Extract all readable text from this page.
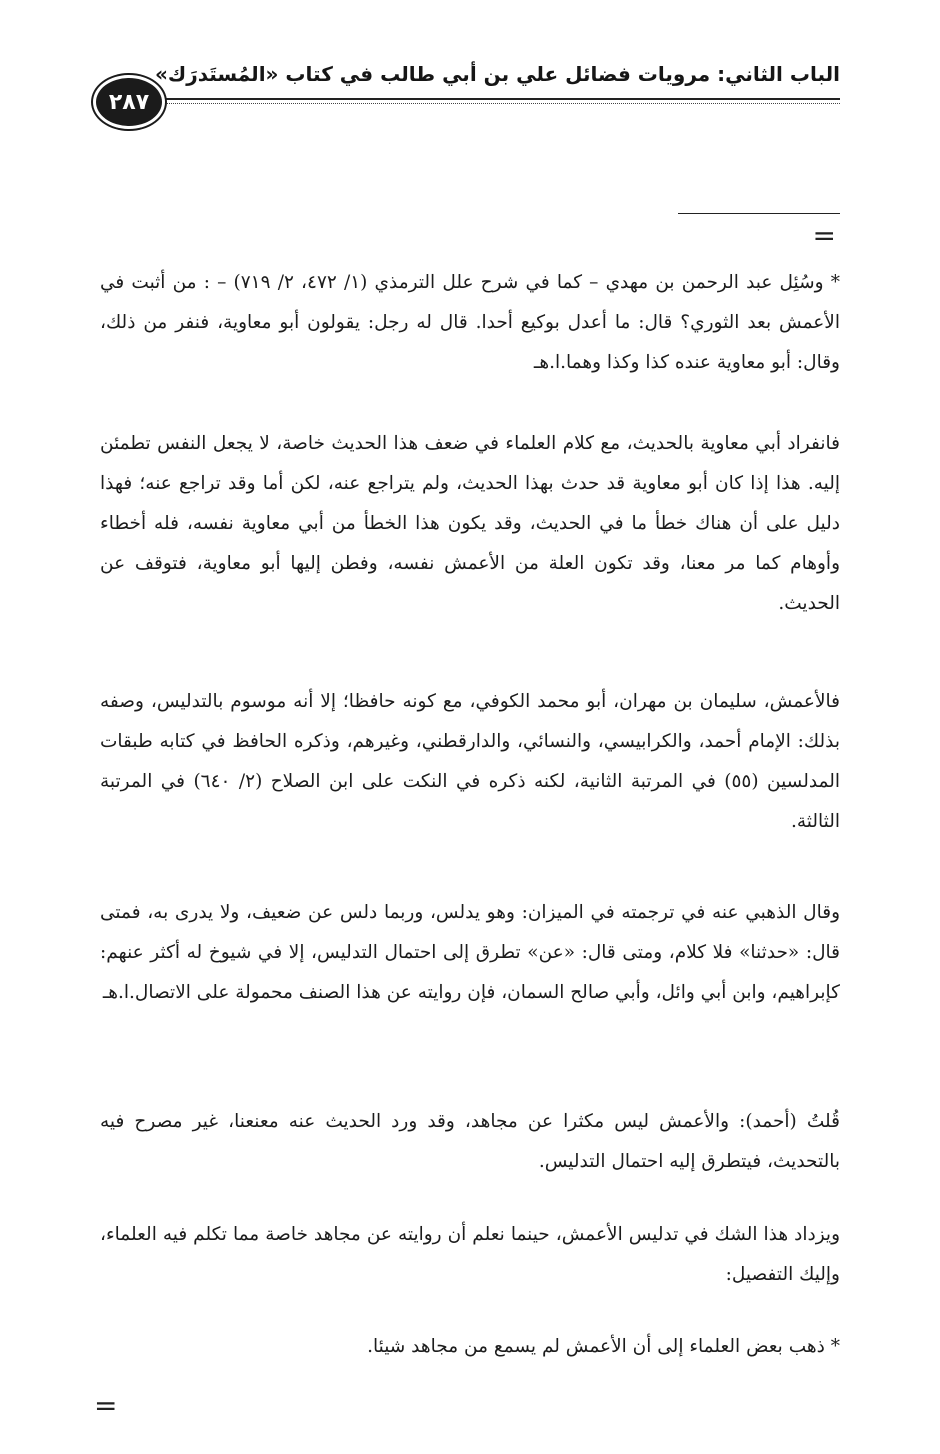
الباب الثاني: مرويات فضائل علي بن أبي طالب في كتاب «المُستَدرَك»
٢٨٧
=

* وسُئِل عبد الرحمن بن مهدي – كما في شرح علل الترمذي (١/ ٤٧٢، ٢/ ٧١٩) – : من أثبت في الأعمش بعد الثوري؟ قال: ما أعدل بوكيع أحدا. قال له رجل: يقولون أبو معاوية، فنفر من ذلك، وقال: أبو معاوية عنده كذا وكذا وهما.ا.هـ

فانفراد أبي معاوية بالحديث، مع كلام العلماء في ضعف هذا الحديث خاصة، لا يجعل النفس تطمئن إليه. هذا إذا كان أبو معاوية قد حدث بهذا الحديث، ولم يتراجع عنه، لكن أما وقد تراجع عنه؛ فهذا دليل على أن هناك خطأ ما في الحديث، وقد يكون هذا الخطأ من أبي معاوية نفسه، فله أخطاء وأوهام كما مر معنا، وقد تكون العلة من الأعمش نفسه، وفطن إليها أبو معاوية، فتوقف عن الحديث.

فالأعمش، سليمان بن مهران، أبو محمد الكوفي، مع كونه حافظا؛ إلا أنه موسوم بالتدليس، وصفه بذلك: الإمام أحمد، والكرابيسي، والنسائي، والدارقطني، وغيرهم، وذكره الحافظ في كتابه طبقات المدلسين (٥٥) في المرتبة الثانية، لكنه ذكره في النكت على ابن الصلاح (٢/ ٦٤٠) في المرتبة الثالثة.

وقال الذهبي عنه في ترجمته في الميزان: وهو يدلس، وربما دلس عن ضعيف، ولا يدرى به، فمتى قال: «حدثنا» فلا كلام، ومتى قال: «عن» تطرق إلى احتمال التدليس، إلا في شيوخ له أكثر عنهم: كإبراهيم، وابن أبي وائل، وأبي صالح السمان، فإن روايته عن هذا الصنف محمولة على الاتصال.ا.هـ

قُلتُ (أحمد): والأعمش ليس مكثرا عن مجاهد، وقد ورد الحديث عنه معنعنا، غير مصرح فيه بالتحديث، فيتطرق إليه احتمال التدليس.

ويزداد هذا الشك في تدليس الأعمش، حينما نعلم أن روايته عن مجاهد خاصة مما تكلم فيه العلماء، وإليك التفصيل:

* ذهب بعض العلماء إلى أن الأعمش لم يسمع من مجاهد شيئا.

=
